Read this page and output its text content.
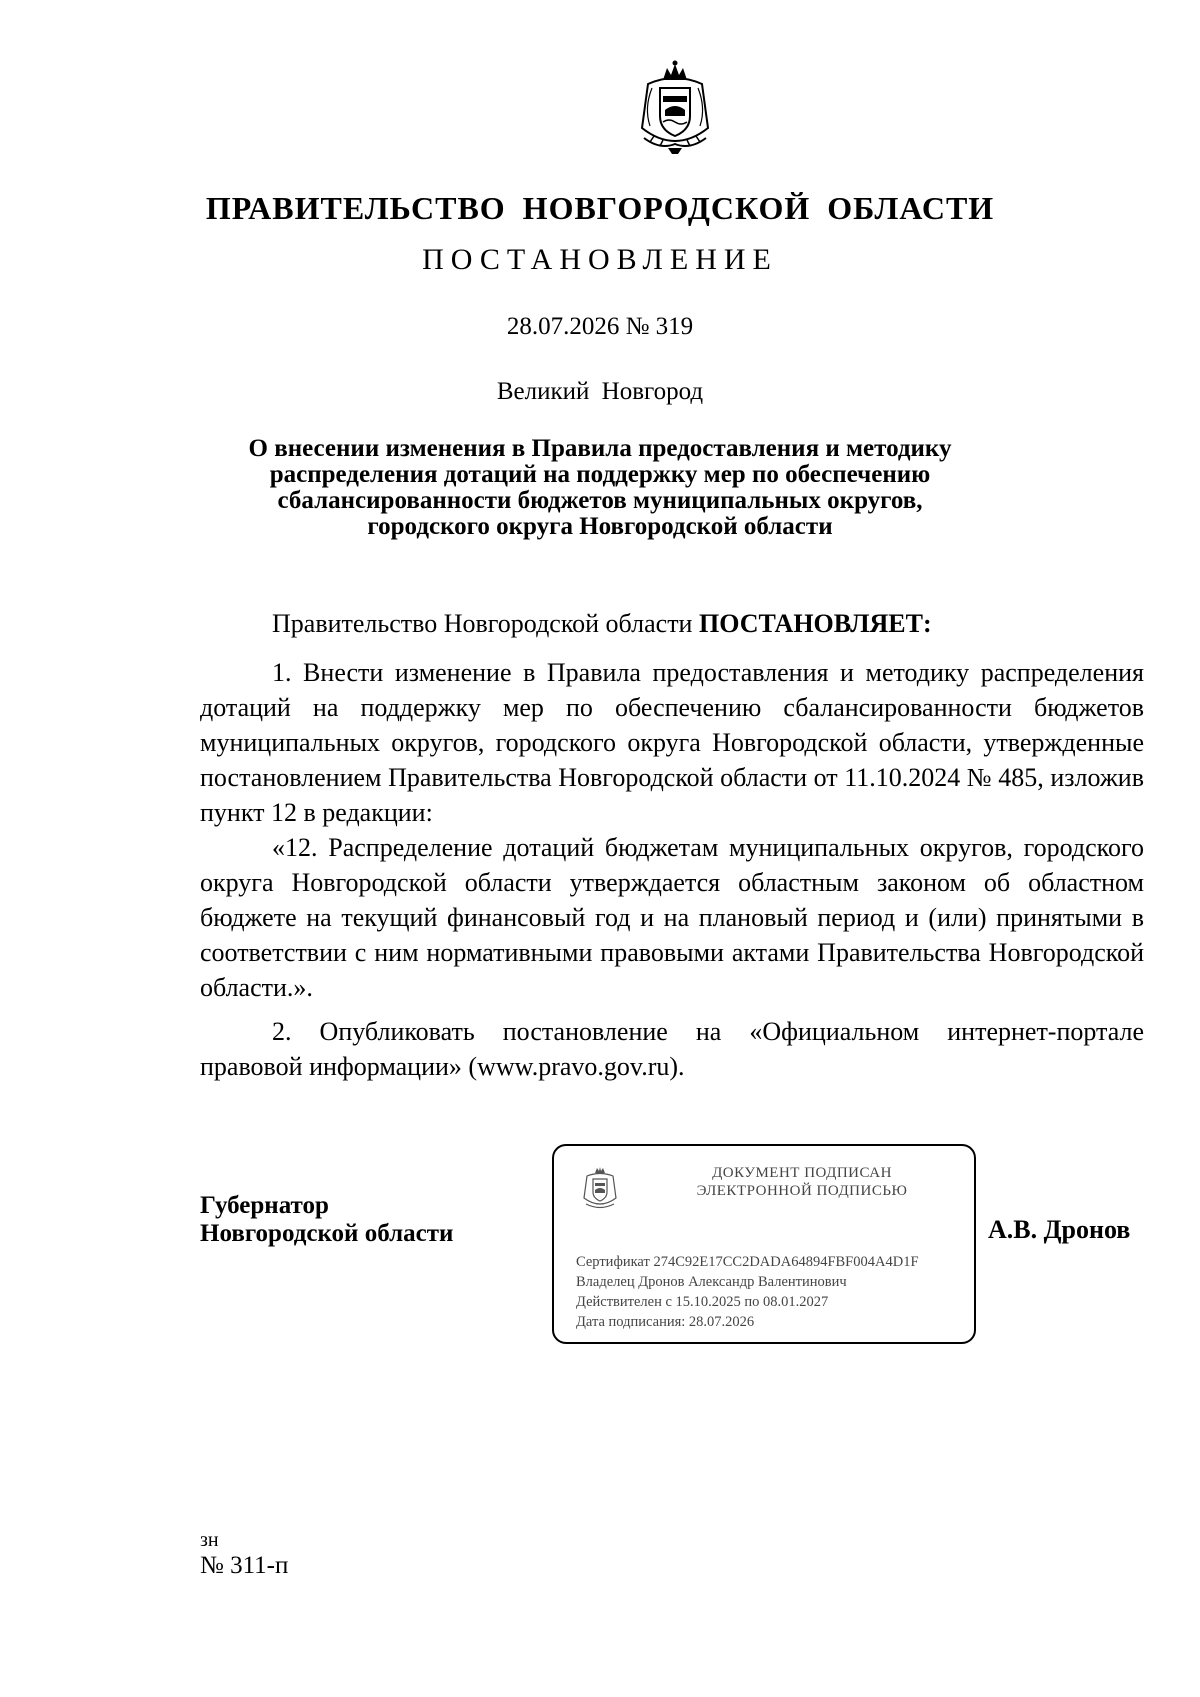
ПРАВИТЕЛЬСТВО НОВГОРОДСКОЙ ОБЛАСТИ
ПОСТАНОВЛЕНИЕ
28.07.2026 № 319
Великий Новгород
О внесении изменения в Правила предоставления и методику
распределения дотаций на поддержку мер по обеспечению
сбалансированности бюджетов муниципальных округов,
городского округа Новгородской области
Правительство Новгородской области ПОСТАНОВЛЯЕТ:
1. Внести изменение в Правила предоставления и методику распределения дотаций на поддержку мер по обеспечению сбалансированности бюджетов муниципальных округов, городского округа Новгородской области, утвержденные постановлением Правительства Новгородской области от 11.10.2024 № 485, изложив пункт 12 в редакции:
«12. Распределение дотаций бюджетам муниципальных округов, городского округа Новгородской области утверждается областным законом об областном бюджете на текущий финансовый год и на плановый период и (или) принятыми в соответствии с ним нормативными правовыми актами Правительства Новгородской области.».
2. Опубликовать постановление на «Официальном интернет-портале правовой информации» (www.pravo.gov.ru).
Губернатор
Новгородской области
ДОКУМЕНТ ПОДПИСАН
ЭЛЕКТРОННОЙ ПОДПИСЬЮ
Сертификат 274C92E17CC2DADA64894FBF004A4D1F
Владелец Дронов Александр Валентинович
Действителен с 15.10.2025 по 08.01.2027
Дата подписания: 28.07.2026
А.В. Дронов
зн
№ 311-п
